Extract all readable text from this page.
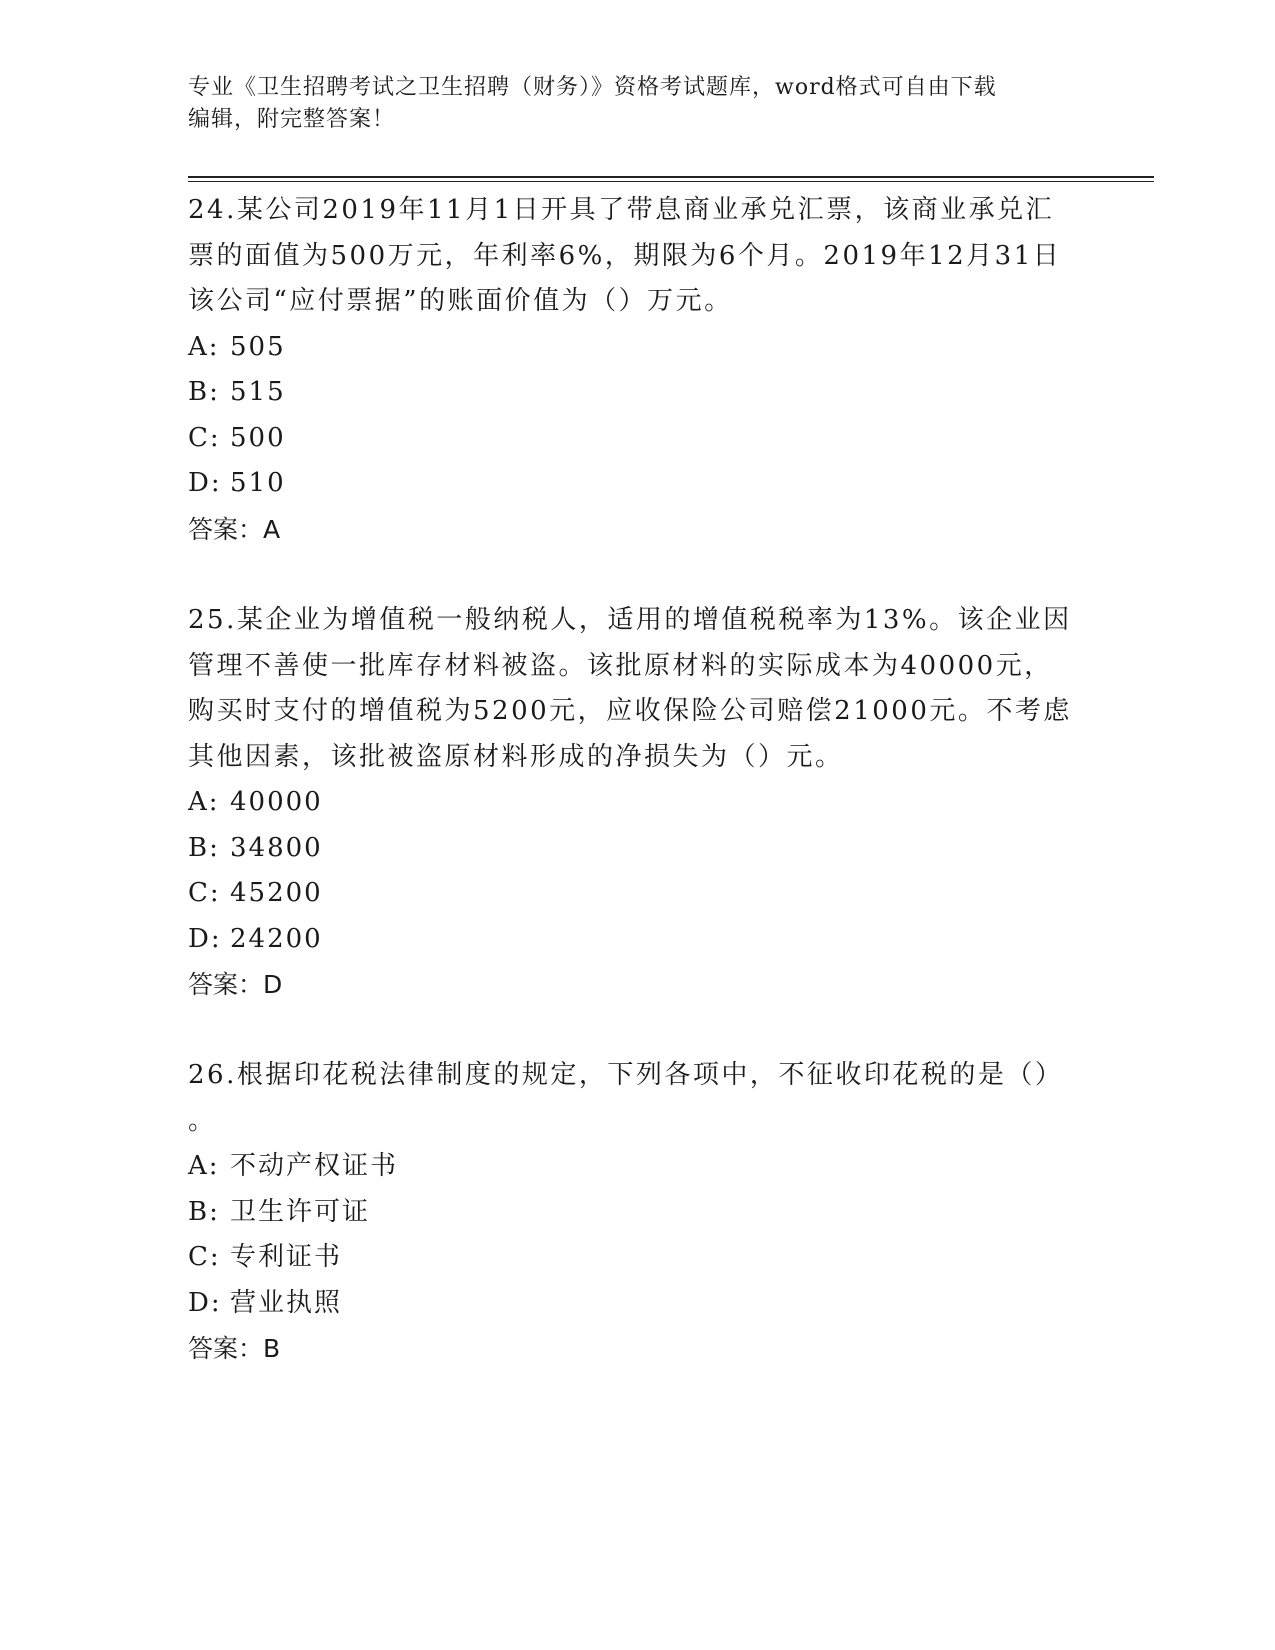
专业《卫生招聘考试之卫生招聘（财务）》资格考试题库，word格式可自由下载
编辑，附完整答案！

24.某公司2019年11月1日开具了带息商业承兑汇票，该商业承兑汇

票的面值为500万元，年利率6%，期限为6个月。2019年12月31日

该公司“应付票据”的账面价值为（）万元。

A: 505

B: 515

C: 500

D: 510

答案：A

25.某企业为增值税一般纳税人，适用的增值税税率为13%。该企业因

管理不善使一批库存材料被盗。该批原材料的实际成本为40000元，

购买时支付的增值税为5200元，应收保险公司赔偿21000元。不考虑

其他因素，该批被盗原材料形成的净损失为（）元。

A: 40000

B: 34800

C: 45200

D: 24200

答案：D

26.根据印花税法律制度的规定，下列各项中，不征收印花税的是（）

。

A: 不动产权证书

B: 卫生许可证

C: 专利证书

D: 营业执照

答案：B
